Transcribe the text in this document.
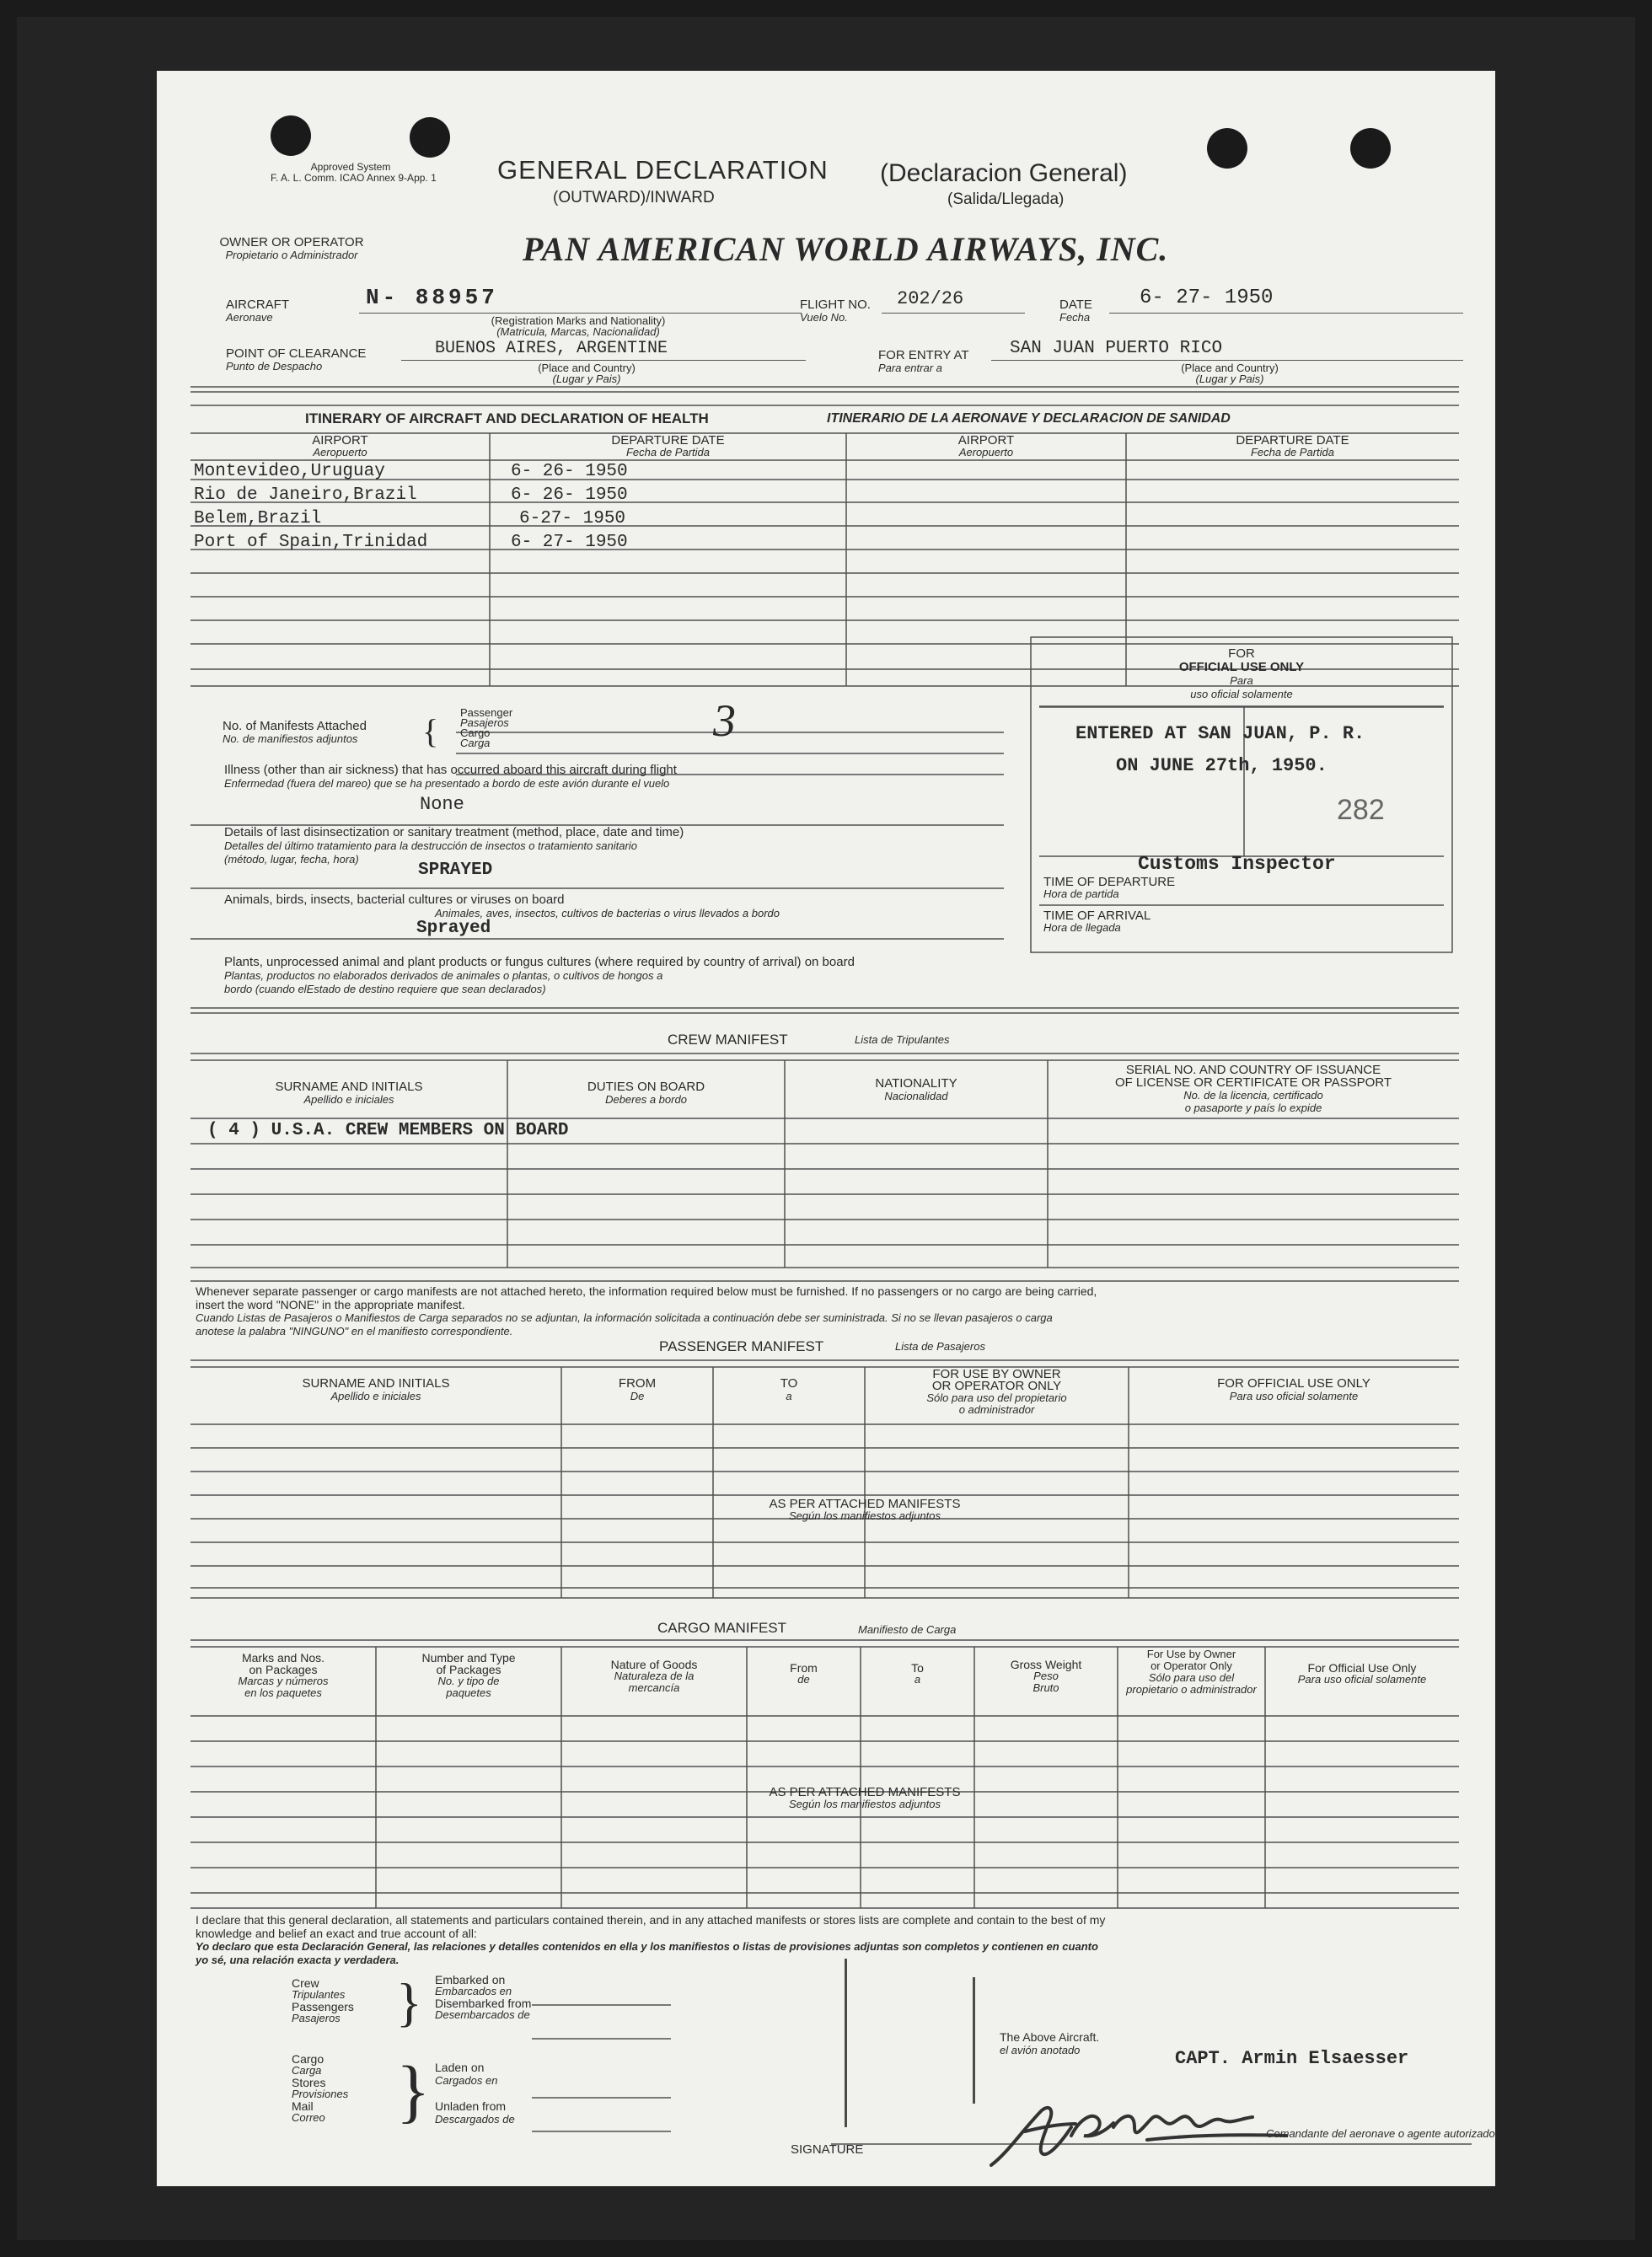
Approved System
F. A. L. Comm. ICAO Annex 9-App. 1 GENERAL DECLARATION
(OUTWARD)/INWARD
(Declaracion General)
(Salida/Llegada)
OWNER OR OPERATOR
Propietario o Administrador	PAN AMERICAN WORLD AIRWAYS, INC.
AIRCRAFT
Aeronave
N- 88957
(Registration Marks and Nationality)
(Matricula, Marcas, Nacionalidad)
FLIGHT NO.
Vuelo No.
202/26	DATE
Fecha
6- 27- 1950
POINT OF CLEARANCE
Punto de Despacho
BUENOS AIRES, ARGENTINE
(Place and Country)
(Lugar y Pais)
FOR ENTRY AT
Para entrar a
SAN JUAN PUERTO RICO
(Place and Country)
(Lugar y Pais)
ITINERARY OF AIRCRAFT AND DECLARATION OF HEALTH	ITINERARIO DE LA AERONAVE Y DECLARACION DE SANIDAD
AIRPORT
Aeropuerto
DEPARTURE DATE
Fecha de Partida
AIRPORT
Aeropuerto
DEPARTURE DATE
Fecha de Partida
Montevideo,Uruguay	6- 26- 1950
Rio de Janeiro,Brazil	6- 26- 1950
Belem,Brazil	6-27- 1950
Port of Spain,Trinidad	6- 27- 1950
No. of Manifests Attached
No. de manifiestos adjuntos { Passenger
Pasajeros
Cargo
Carga	3
Illness (other than air sickness) that has occurred aboard this aircraft during flight
Enfermedad (fuera del mareo) que se ha presentado a bordo de este avión durante el vuelo
None
Details of last disinsectization or sanitary treatment (method, place, date and time)
Detalles del último tratamiento para la destrucción de insectos o tratamiento sanitario
(método, lugar, fecha, hora)
SPRAYED
Animals, birds, insects, bacterial cultures or viruses on board
Animales, aves, insectos, cultivos de bacterias o virus llevados a bordo
Sprayed
Plants, unprocessed animal and plant products or fungus cultures (where required by country of arrival) on board
Plantas, productos no elaborados derivados de animales o plantas, o cultivos de hongos a
bordo (cuando elEstado de destino requiere que sean declarados)
FOR
OFFICIAL USE ONLY
Para
uso oficial solamente
ENTERED AT SAN JUAN, P. R.
ON JUNE 27th, 1950.
282
Customs Inspector
TIME OF DEPARTURE
Hora de partida
TIME OF ARRIVAL
Hora de llegada
CREW MANIFEST	Lista de Tripulantes
SURNAME AND INITIALS
Apellido e iniciales
DUTIES ON BOARD
Deberes a bordo
NATIONALITY
Nacionalidad
SERIAL NO. AND COUNTRY OF ISSUANCE
OF LICENSE OR CERTIFICATE OR PASSPORT
No. de la licencia, certificado
o pasaporte y país lo expide
( 4 ) U.S.A. CREW MEMBERS ON BOARD
Whenever separate passenger or cargo manifests are not attached hereto, the information required below must be furnished. If no passengers or no cargo are being carried,
insert the word "NONE" in the appropriate manifest.
Cuando Listas de Pasajeros o Manifiestos de Carga separados no se adjuntan, la información solicitada a continuación debe ser suministrada. Si no se llevan pasajeros o carga
anotese la palabra "NINGUNO" en el manifiesto correspondiente.
PASSENGER MANIFEST	Lista de Pasajeros
SURNAME AND INITIALS
Apellido e iniciales
FROM
De
TO
a
FOR USE BY OWNER
OR OPERATOR ONLY
Sólo para uso del propietario
o administrador
FOR OFFICIAL USE ONLY
Para uso oficial solamente
AS PER ATTACHED MANIFESTS
Según los manifiestos adjuntos
CARGO MANIFEST	Manifiesto de Carga
Marks and Nos.
on Packages
Marcas y números
en los paquetes
Number and Type
of Packages
No. y tipo de
paquetes
Nature of Goods
Naturaleza de la
mercancía
From
de
To
a
Gross Weight
Peso
Bruto
For Use by Owner
or Operator Only
Sólo para uso del
propietario o administrador
For Official Use Only
Para uso oficial solamente
AS PER ATTACHED MANIFESTS
Según los manifiestos adjuntos
I declare that this general declaration, all statements and particulars contained therein, and in any attached manifests or stores lists are complete and contain to the best of my
knowledge and belief an exact and true account of all:
Yo declaro que esta Declaración General, las relaciones y detalles contenidos en ella y los manifiestos o listas de provisiones adjuntas son completos y contienen en cuanto
yo sé, una relación exacta y verdadera.
Crew
Tripulantes
Passengers
Pasajeros } Embarked on
Embarcados en
Disembarked from
Desembarcados de
Cargo
Carga
Stores
Provisiones
Mail
Correo	} Laden on
Cargados en
Unladen from
Descargados de
The Above Aircraft.
el avión anotado	CAPT. Armin Elsaesser
SIGNATURE
Comandante del aeronave o agente autorizado
